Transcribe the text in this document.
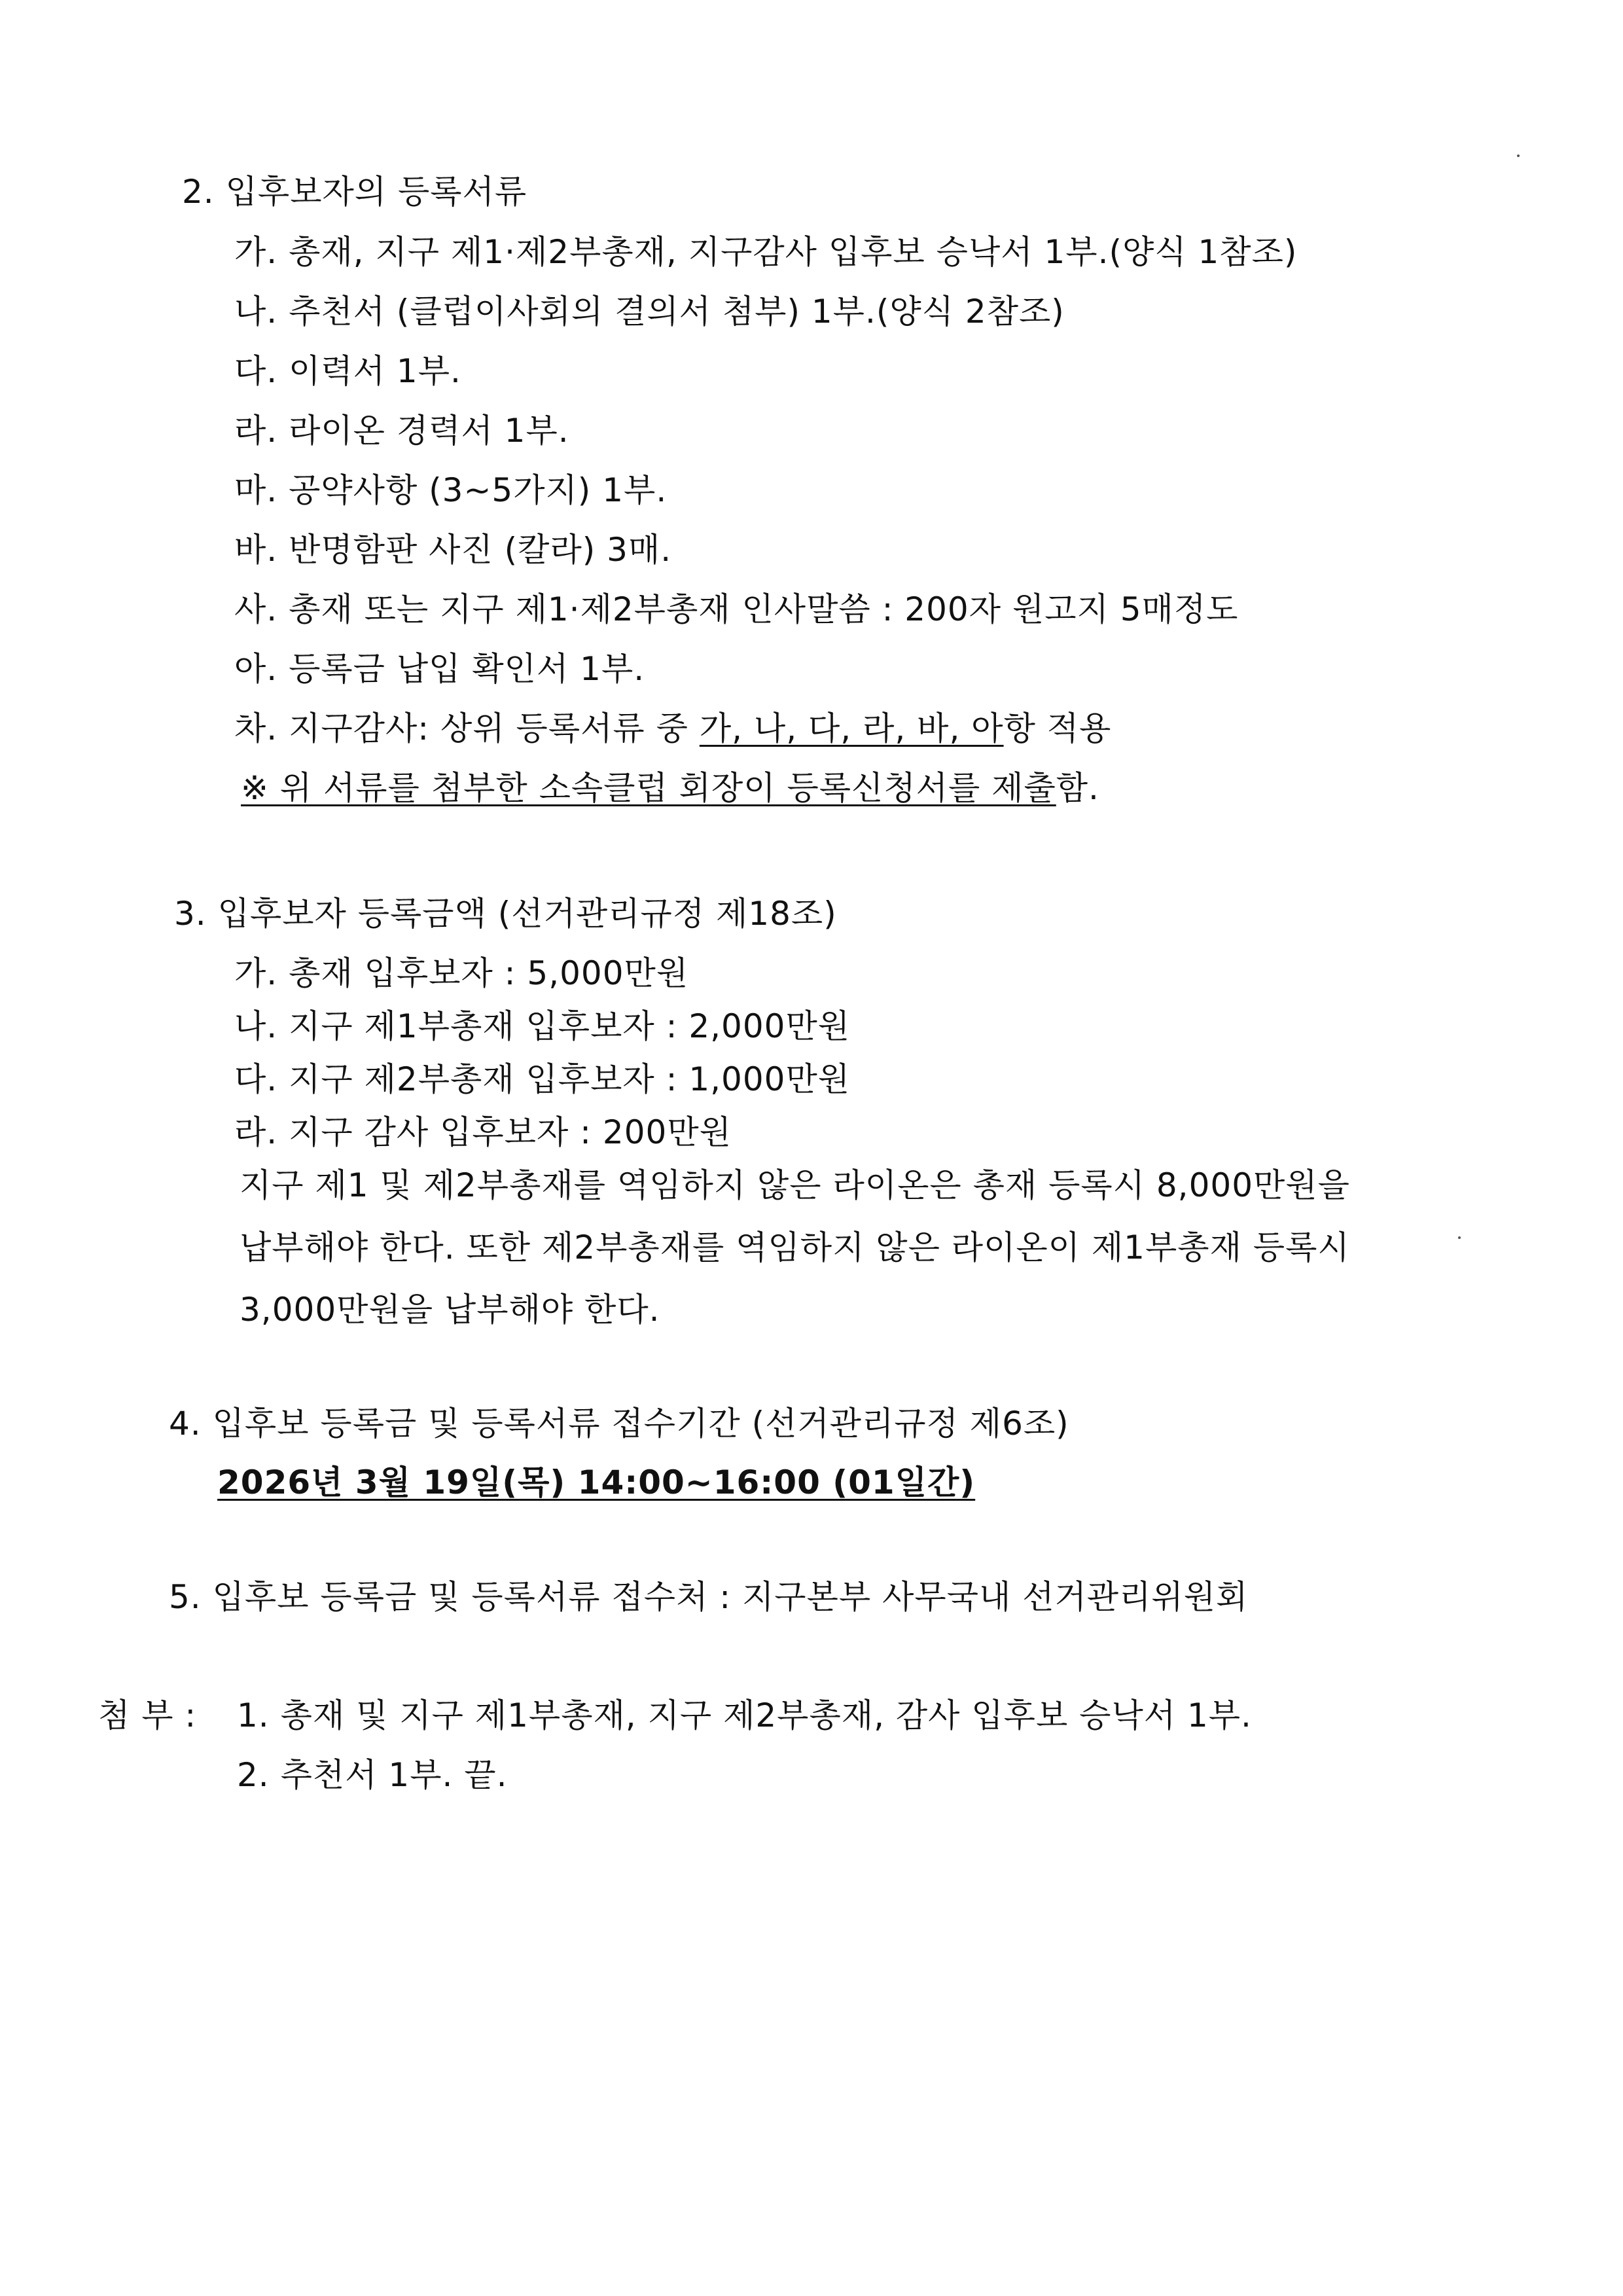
2. 입후보자의 등록서류
가. 총재, 지구 제1·제2부총재, 지구감사 입후보 승낙서 1부.(양식 1참조)
나. 추천서 (클럽이사회의 결의서 첨부) 1부.(양식 2참조)
다. 이력서 1부.
라. 라이온 경력서 1부.
마. 공약사항 (3~5가지) 1부.
바. 반명함판 사진 (칼라) 3매.
사. 총재 또는 지구 제1·제2부총재 인사말씀 : 200자 원고지 5매정도
아. 등록금 납입 확인서 1부.
차. 지구감사: 상위 등록서류 중 가, 나, 다, 라, 바, 아항 적용
※ 위 서류를 첨부한 소속클럽 회장이 등록신청서를 제출함.
3. 입후보자 등록금액 (선거관리규정 제18조)
가. 총재 입후보자 : 5,000만원
나. 지구 제1부총재 입후보자 : 2,000만원
다. 지구 제2부총재 입후보자 : 1,000만원
라. 지구 감사 입후보자 : 200만원
지구 제1 및 제2부총재를 역임하지 않은 라이온은 총재 등록시 8,000만원을
납부해야 한다. 또한 제2부총재를 역임하지 않은 라이온이 제1부총재 등록시
3,000만원을 납부해야 한다.
4. 입후보 등록금 및 등록서류 접수기간 (선거관리규정 제6조)
2026년 3월 19일(목) 14:00~16:00 (01일간)
5. 입후보 등록금 및 등록서류 접수처 : 지구본부 사무국내 선거관리위원회
첨 부 : 1. 총재 및 지구 제1부총재, 지구 제2부총재, 감사 입후보 승낙서 1부.
2. 추천서 1부. 끝.
